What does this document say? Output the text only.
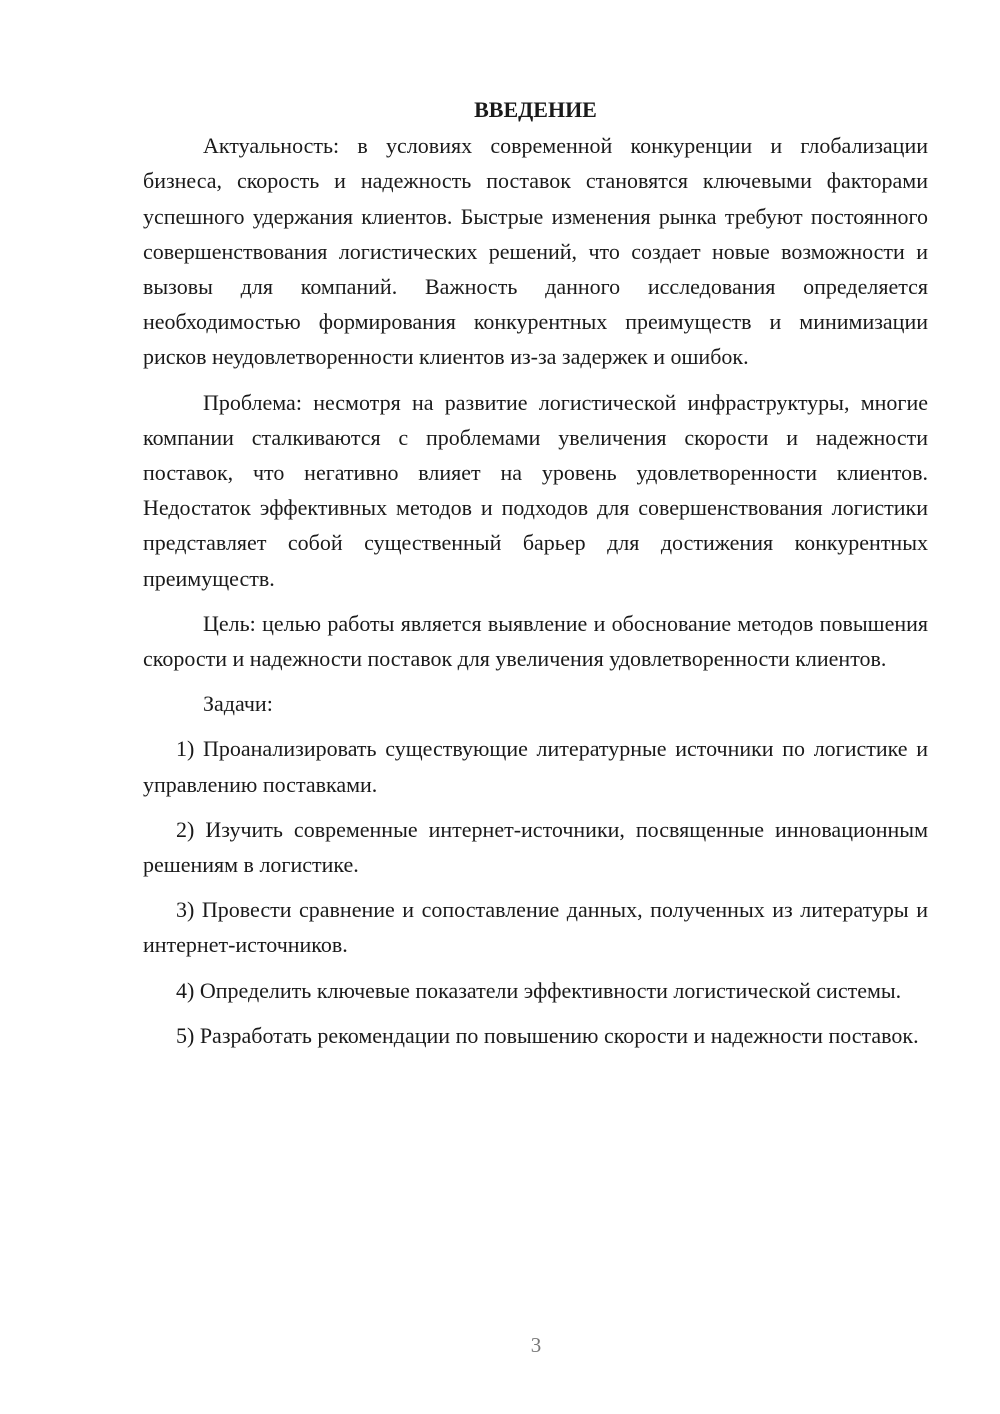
ВВЕДЕНИЕ

Актуальность: в условиях современной конкуренции и глобализации бизнеса, скорость и надежность поставок становятся ключевыми факторами успешного удержания клиентов. Быстрые изменения рынка требуют постоянного совершенствования логистических решений, что создает новые возможности и вызовы для компаний. Важность данного исследования определяется необходимостью формирования конкурентных преимуществ и минимизации рисков неудовлетворенности клиентов из-за задержек и ошибок.

Проблема: несмотря на развитие логистической инфраструктуры, многие компании сталкиваются с проблемами увеличения скорости и надежности поставок, что негативно влияет на уровень удовлетворенности клиентов. Недостаток эффективных методов и подходов для совершенствования логистики представляет собой существенный барьер для достижения конкурентных преимуществ.

Цель: целью работы является выявление и обоснование методов повышения скорости и надежности поставок для увеличения удовлетворенности клиентов.

Задачи:

1) Проанализировать существующие литературные источники по логистике и управлению поставками.

2) Изучить современные интернет-источники, посвященные инновационным решениям в логистике.

3) Провести сравнение и сопоставление данных, полученных из литературы и интернет-источников.

4) Определить ключевые показатели эффективности логистической системы.

5) Разработать рекомендации по повышению скорости и надежности поставок.

3
